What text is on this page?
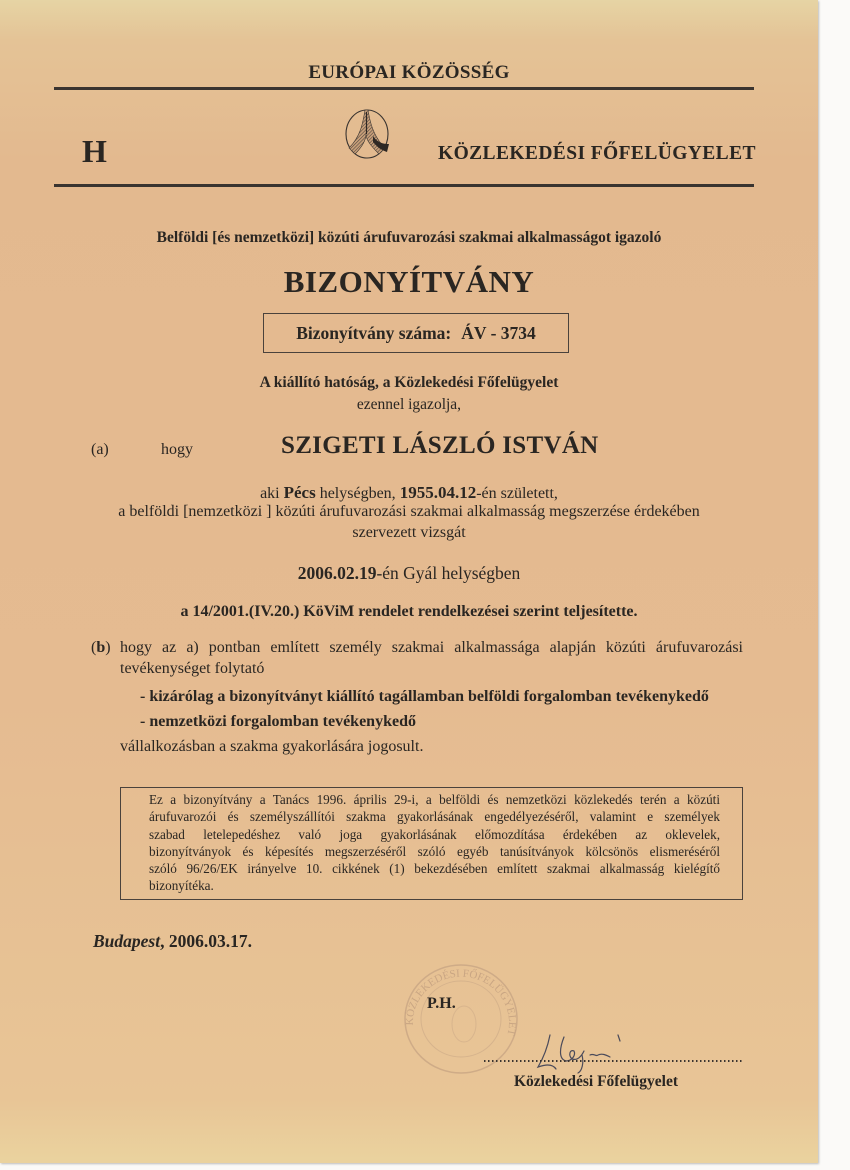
EURÓPAI KÖZÖSSÉG
H	KÖZLEKEDÉSI FŐFELÜGYELET
Belföldi [és nemzetközi] közúti árufuvarozási szakmai alkalmasságot igazoló
BIZONYÍTVÁNY
Bizonyítvány száma: ÁV - 3734
A kiállító hatóság, a Közlekedési Főfelügyelet
ezennel igazolja,
(a)	hogy	SZIGETI LÁSZLÓ ISTVÁN
aki Pécs helységben, 1955.04.12-én született,
a belföldi [nemzetközi ] közúti árufuvarozási szakmai alkalmasság megszerzése érdekében
szervezett vizsgát
2006.02.19-én Gyál helységben
a 14/2001.(IV.20.) KöViM rendelet rendelkezései szerint teljesítette.
(b) hogy az a) pontban említett személy szakmai alkalmassága alapján közúti árufuvarozási
tevékenységet folytató
- kizárólag a bizonyítványt kiállító tagállamban belföldi forgalomban tevékenykedő
- nemzetközi forgalomban tevékenykedő
vállalkozásban a szakma gyakorlására jogosult.
Ez a bizonyítvány a Tanács 1996. április 29-i, a belföldi és nemzetközi közlekedés terén a közúti
árufuvarozói és személyszállítói szakma gyakorlásának engedélyezéséről, valamint e személyek
szabad letelepedéshez való joga gyakorlásának előmozdítása érdekében az oklevelek,
bizonyítványok és képesítés megszerzéséről szóló egyéb tanúsítványok kölcsönös elismeréséről
szóló 96/26/EK irányelve 10. cikkének (1) bekezdésében említett szakmai alkalmasság kielégítő
bizonyítéka.
Budapest, 2006.03.17.
KÖZLEKEDÉSI FŐFELÜGYELET
P.H.
Közlekedési Főfelügyelet
